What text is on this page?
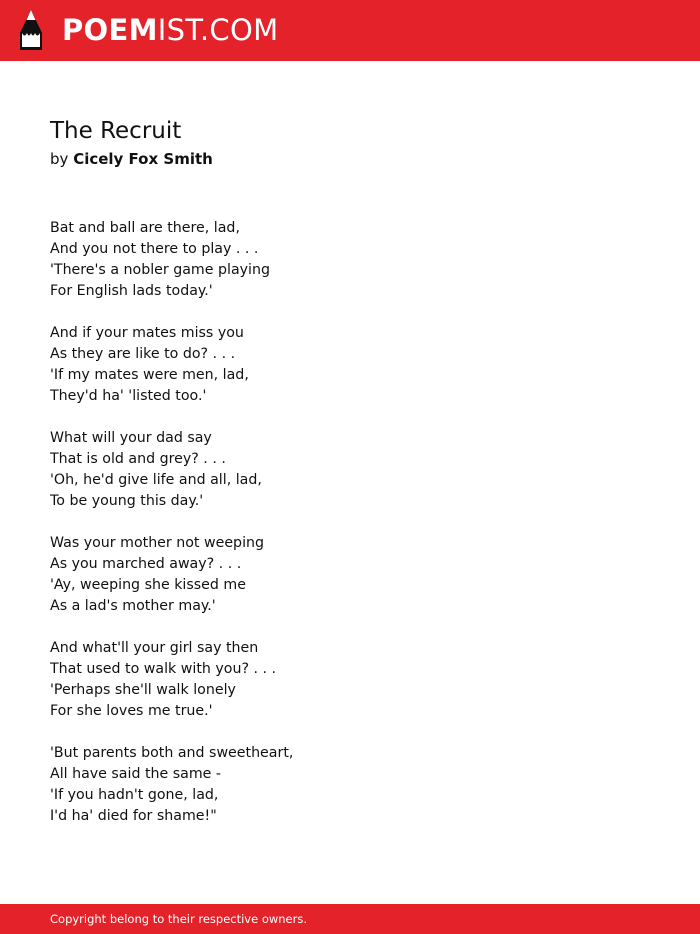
POEMIST.COM
The Recruit
by Cicely Fox Smith
Bat and ball are there, lad,
And you not there to play . . .
'There's a nobler game playing
For English lads today.'
And if your mates miss you
As they are like to do? . . .
'If my mates were men, lad,
They'd ha' 'listed too.'
What will your dad say
That is old and grey? . . .
'Oh, he'd give life and all, lad,
To be young this day.'
Was your mother not weeping
As you marched away? . . .
'Ay, weeping she kissed me
As a lad's mother may.'
And what'll your girl say then
That used to walk with you? . . .
'Perhaps she'll walk lonely
For she loves me true.'
'But parents both and sweetheart,
All have said the same -
'If you hadn't gone, lad,
I'd ha' died for shame!"
Copyright belong to their respective owners.
